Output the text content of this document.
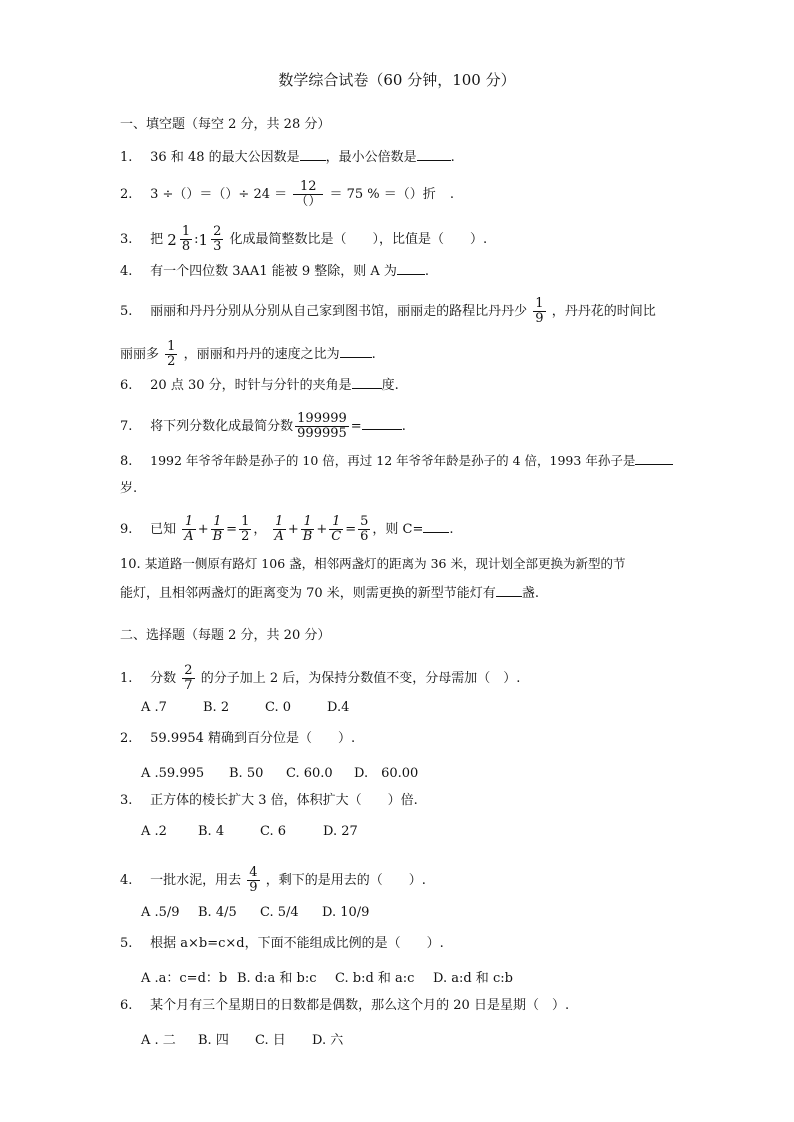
数学综合试卷（60 分钟，100 分）
一、填空题（每空 2 分，共 28 分）
1. 36 和 48 的最大公因数是 ，最小公倍数是	.
2. 3 ÷（）＝（）÷ $24 = \frac{12}{()} = 75$ % ＝（）折 .
3. 把 $2 \frac{1}{8}$ : $1 \frac{2}{3}$ 化成最简整数比是（　　），比值是（　　）.
4. 有一个四位数 3AA1 能被 9 整除，则 A 为 .
5. 丽丽和丹丹分别从分别从自己家到图书馆，丽丽走的路程比丹丹少 $\frac{1}{9}$ ，丹丹花的时间比
丽丽多 $\frac{1}{2}$ ，丽丽和丹丹的速度之比为 .
6. 20 点 30 分，时针与分针的夹角是 度.
7. 将下列分数化成最简分数 $\frac{199999}{999995}$ =	.
8. 1992 年爷爷年龄是孙子的 10 倍，再过 12 年爷爷年龄是孙子的 4 倍，1993 年孙子是
岁.
9. 已知 $\frac{1}{A} + \frac{1}{B} = \frac{1}{2}$ ， $\frac{1}{A} + \frac{1}{B} + \frac{1}{C} = \frac{5}{6}$ ，则 C= .
10. 某道路一侧原有路灯 106 盏，相邻两盏灯的距离为 36 米，现计划全部更换为新型的节
能灯，且相邻两盏灯的距离变为 70 米，则需更换的新型节能灯有 盏.
二、选择题（每题 2 分，共 20 分）
1. 分数 $\frac{2}{7}$ 的分子加上 2 后，为保持分数值不变，分母需加（　）.
A .7	B. 2	C. 0	D.4
2. 59.9954 精确到百分位是（　　）.
A .59.995 B. 50 C. 60.0 D.　60.00
3. 正方体的棱长扩大 3 倍，体积扩大（　　）倍.
A .2 B. 4	C. 6	D. 27
4. 一批水泥，用去 $\frac{4}{9}$ ，剩下的是用去的（　　）.
A .5/9 B. 4/5 C. 5/4 D. 10/9
5. 根据 a×b=c×d，下面不能组成比例的是（　　）.
A .a：c=d：b B. d:a 和 b:c C. b:d 和 a:c D. a:d 和 c:b
6. 某个月有三个星期日的日数都是偶数，那么这个月的 20 日是星期（　）.
A . 二 B. 四 C. 日 D. 六
